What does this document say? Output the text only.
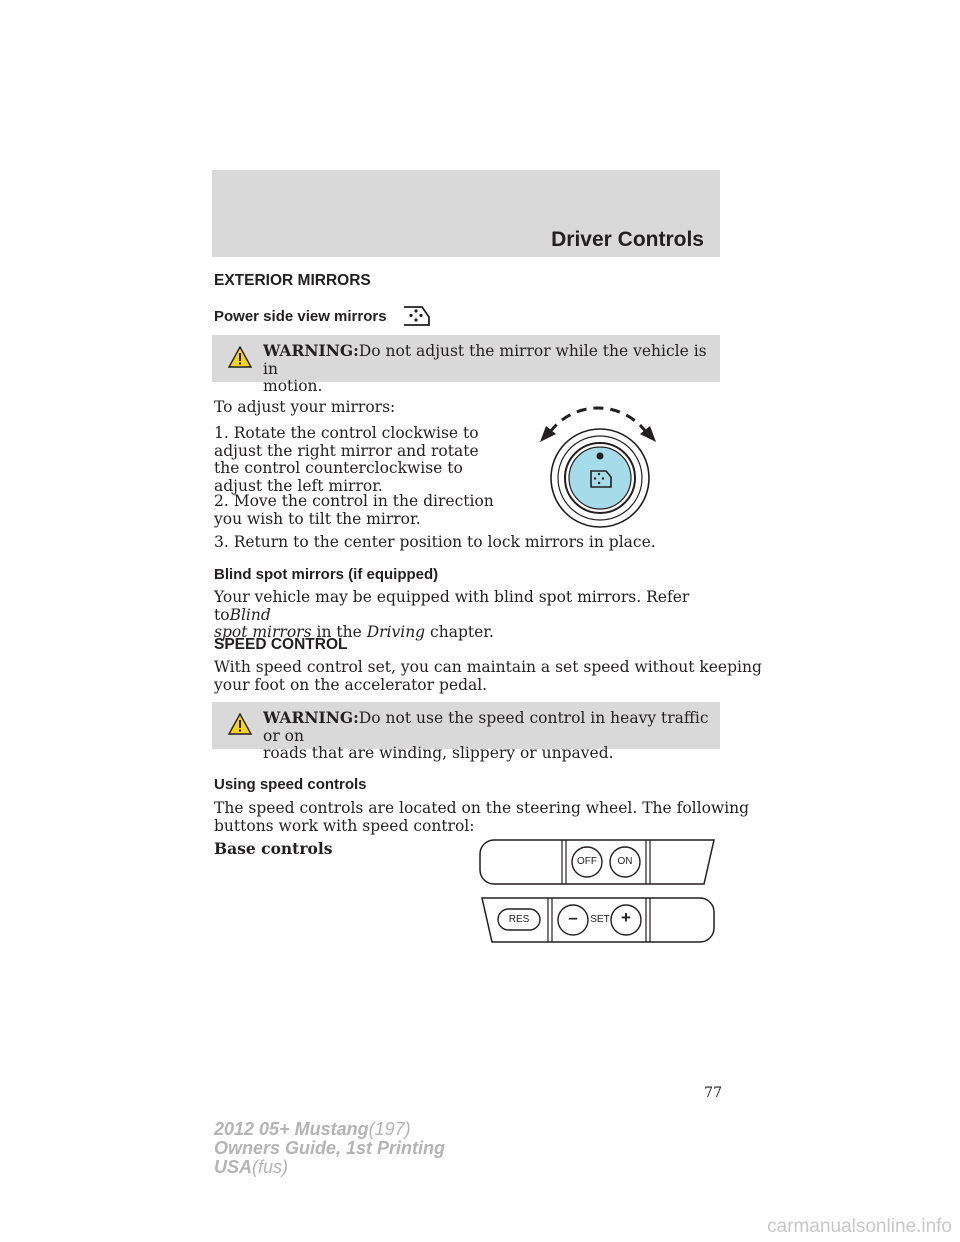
Driver Controls
EXTERIOR MIRRORS
Power side view mirrors
WARNING:Do not adjust the mirror while the vehicle is in
motion.
To adjust your mirrors:
1. Rotate the control clockwise to
adjust the right mirror and rotate
the control counterclockwise to
adjust the left mirror.
2. Move the control in the direction
you wish to tilt the mirror.
3. Return to the center position to lock mirrors in place.
Blind spot mirrors (if equipped)
Your vehicle may be equipped with blind spot mirrors. Refer toBlind
spot mirrors in the Driving chapter.
SPEED CONTROL
With speed control set, you can maintain a set speed without keeping
your foot on the accelerator pedal.
WARNING:Do not use the speed control in heavy traffic or on
roads that are winding, slippery or unpaved.
Using speed controls
The speed controls are located on the steering wheel. The following
buttons work with speed control:
Base controls
OFF	ON
RES	–	SET +
77
2012 05+ Mustang(197)
Owners Guide, 1st Printing
USA(fus)
carmanualsonline.info
